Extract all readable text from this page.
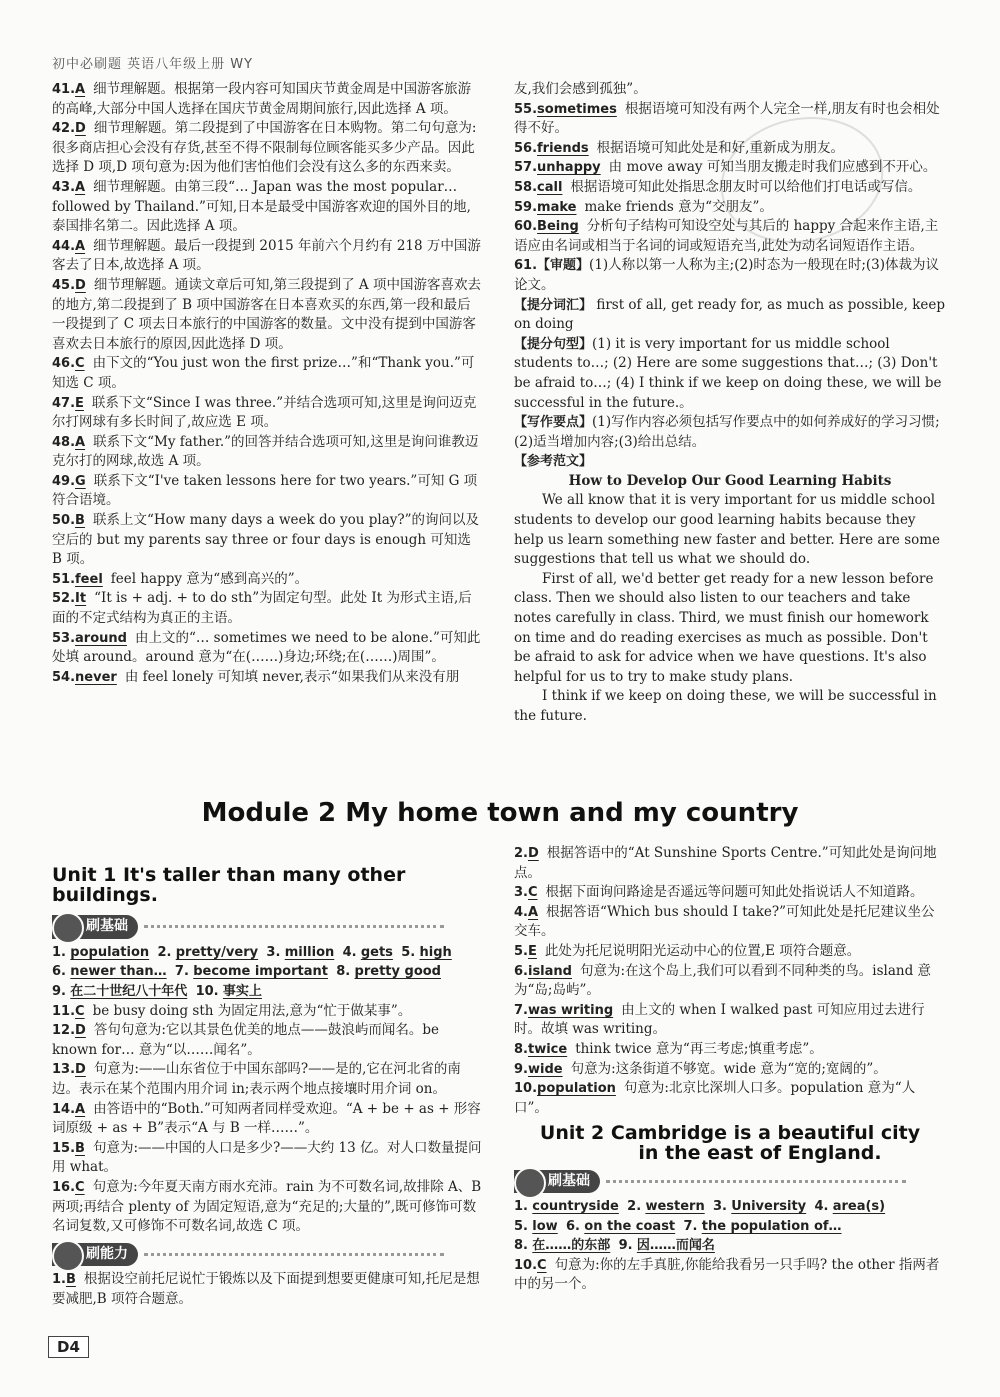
初中必刷题 英语八年级上册 WY
41.A 细节理解题。根据第一段内容可知国庆节黄金周是中国游客旅游的高峰,大部分中国人选择在国庆节黄金周期间旅行,因此选择 A 项。
42.D 细节理解题。第二段提到了中国游客在日本购物。第二句句意为:很多商店担心会没有存货,甚至不得不限制每位顾客能买多少产品。因此选择 D 项,D 项句意为:因为他们害怕他们会没有这么多的东西来卖。
43.A 细节理解题。由第三段“… Japan was the most popular… followed by Thailand.”可知,日本是最受中国游客欢迎的国外目的地,泰国排名第二。因此选择 A 项。
44.A 细节理解题。最后一段提到 2015 年前六个月约有 218 万中国游客去了日本,故选择 A 项。
45.D 细节理解题。通读文章后可知,第三段提到了 A 项中国游客喜欢去的地方,第二段提到了 B 项中国游客在日本喜欢买的东西,第一段和最后一段提到了 C 项去日本旅行的中国游客的数量。文中没有提到中国游客喜欢去日本旅行的原因,因此选择 D 项。
46.C 由下文的“You just won the first prize…”和“Thank you.”可知选 C 项。
47.E 联系下文“Since I was three.”并结合选项可知,这里是询问迈克尔打网球有多长时间了,故应选 E 项。
48.A 联系下文“My father.”的回答并结合选项可知,这里是询问谁教迈克尔打的网球,故选 A 项。
49.G 联系下文“I've taken lessons here for two years.”可知 G 项符合语境。
50.B 联系上文“How many days a week do you play?”的询问以及空后的 but my parents say three or four days is enough 可知选 B 项。
51.feel feel happy 意为“感到高兴的”。
52.It “It is + adj. + to do sth”为固定句型。此处 It 为形式主语,后面的不定式结构为真正的主语。
53.around 由上文的“… sometimes we need to be alone.”可知此处填 around。around 意为“在(……)身边;环绕;在(……)周围”。
54.never 由 feel lonely 可知填 never,表示“如果我们从来没有朋
友,我们会感到孤独”。
55.sometimes 根据语境可知没有两个人完全一样,朋友有时也会相处得不好。
56.friends 根据语境可知此处是和好,重新成为朋友。
57.unhappy 由 move away 可知当朋友搬走时我们应感到不开心。
58.call 根据语境可知此处指思念朋友时可以给他们打电话或写信。
59.make make friends 意为“交朋友”。
60.Being 分析句子结构可知设空处与其后的 happy 合起来作主语,主语应由名词或相当于名词的词或短语充当,此处为动名词短语作主语。
61.【审题】(1)人称以第一人称为主;(2)时态为一般现在时;(3)体裁为议论文。
【提分词汇】 first of all, get ready for, as much as possible, keep on doing
【提分句型】(1) it is very important for us middle school students to…; (2) Here are some suggestions that…; (3) Don't be afraid to…; (4) I think if we keep on doing these, we will be successful in the future.。
【写作要点】(1)写作内容必须包括写作要点中的如何养成好的学习习惯;(2)适当增加内容;(3)给出总结。
【参考范文】
How to Develop Our Good Learning Habits

We all know that it is very important for us middle school students to develop our good learning habits because they help us learn something new faster and better. Here are some suggestions that tell us what we should do.

First of all, we'd better get ready for a new lesson before class. Then we should also listen to our teachers and take notes carefully in class. Third, we must finish our homework on time and do reading exercises as much as possible. Don't be afraid to ask for advice when we have questions. It's also helpful for us to try to make study plans.

I think if we keep on doing these, we will be successful in the future.

Module 2 My home town and my country
Unit 1 It's taller than many other buildings.
刷基础
1. population 2. pretty/very 3. million 4. gets 5. high
6. newer than… 7. become important 8. pretty good
9. 在二十世纪八十年代 10. 事实上
11.C be busy doing sth 为固定用法,意为“忙于做某事”。
12.D 答句句意为:它以其景色优美的地点——鼓浪屿而闻名。be known for… 意为“以……闻名”。
13.D 句意为:——山东省位于中国东部吗?——是的,它在河北省的南边。表示在某个范围内用介词 in;表示两个地点接壤时用介词 on。
14.A 由答语中的“Both.”可知两者同样受欢迎。“A + be + as + 形容词原级 + as + B”表示“A 与 B 一样……”。
15.B 句意为:——中国的人口是多少?——大约 13 亿。对人口数量提问用 what。
16.C 句意为:今年夏天南方雨水充沛。rain 为不可数名词,故排除 A、B 两项;再结合 plenty of 为固定短语,意为“充足的;大量的”,既可修饰可数名词复数,又可修饰不可数名词,故选 C 项。
刷能力
1.B 根据设空前托尼说忙于锻炼以及下面提到想要更健康可知,托尼是想要减肥,B 项符合题意。
2.D 根据答语中的“At Sunshine Sports Centre.”可知此处是询问地点。
3.C 根据下面询问路途是否遥远等问题可知此处指说话人不知道路。
4.A 根据答语“Which bus should I take?”可知此处是托尼建议坐公交车。
5.E 此处为托尼说明阳光运动中心的位置,E 项符合题意。
6.island 句意为:在这个岛上,我们可以看到不同种类的鸟。island 意为“岛;岛屿”。
7.was writing 由上文的 when I walked past 可知应用过去进行时。故填 was writing。
8.twice think twice 意为“再三考虑;慎重考虑”。
9.wide 句意为:这条街道不够宽。wide 意为“宽的;宽阔的”。
10.population 句意为:北京比深圳人口多。population 意为“人口”。
Unit 2 Cambridge is a beautiful city
in the east of England.
刷基础
1. countryside 2. western 3. University 4. area(s)
5. low 6. on the coast 7. the population of…
8. 在……的东部 9. 因……而闻名
10.C 句意为:你的左手真脏,你能给我看另一只手吗? the other 指两者中的另一个。
D4
